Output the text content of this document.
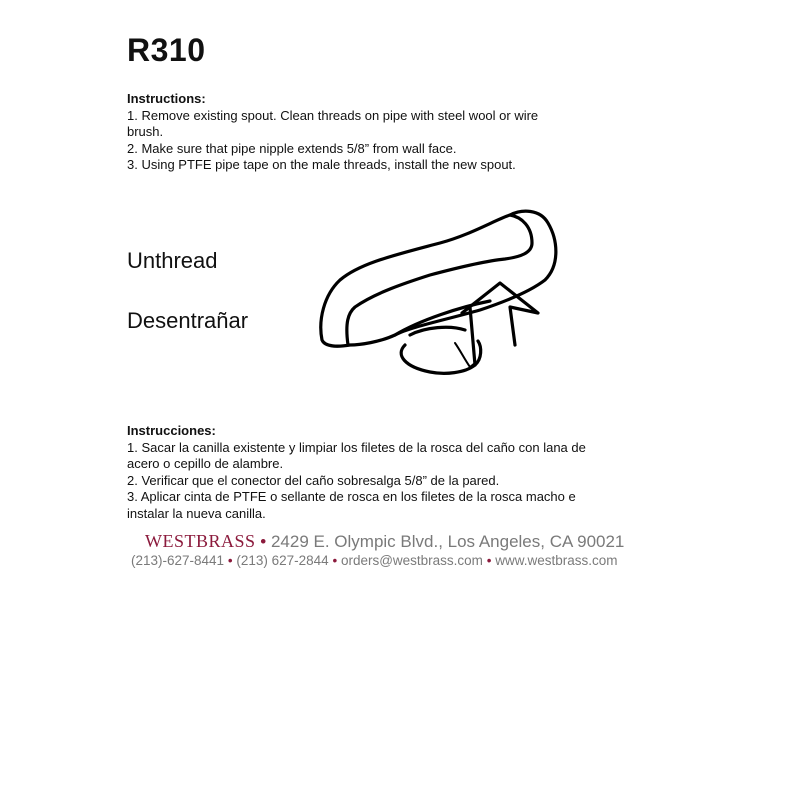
R310
Instructions:
1. Remove existing spout. Clean threads on pipe with steel wool or wire
brush.
2. Make sure that pipe nipple extends 5/8” from wall face.
3. Using PTFE pipe tape on the male threads, install the new spout.
Unthread
Desentrañar
Instrucciones:
1. Sacar la canilla existente y limpiar los filetes de la rosca del caño con lana de
acero o cepillo de alambre.
2. Verificar que el conector del caño sobresalga 5/8” de la pared.
3. Aplicar cinta de PTFE o sellante de rosca en los filetes de la rosca macho e
instalar la nueva canilla.
WESTBRASS • 2429 E. Olympic Blvd., Los Angeles, CA 90021
(213)-627-8441 • (213) 627-2844 • orders@westbrass.com • www.westbrass.com
